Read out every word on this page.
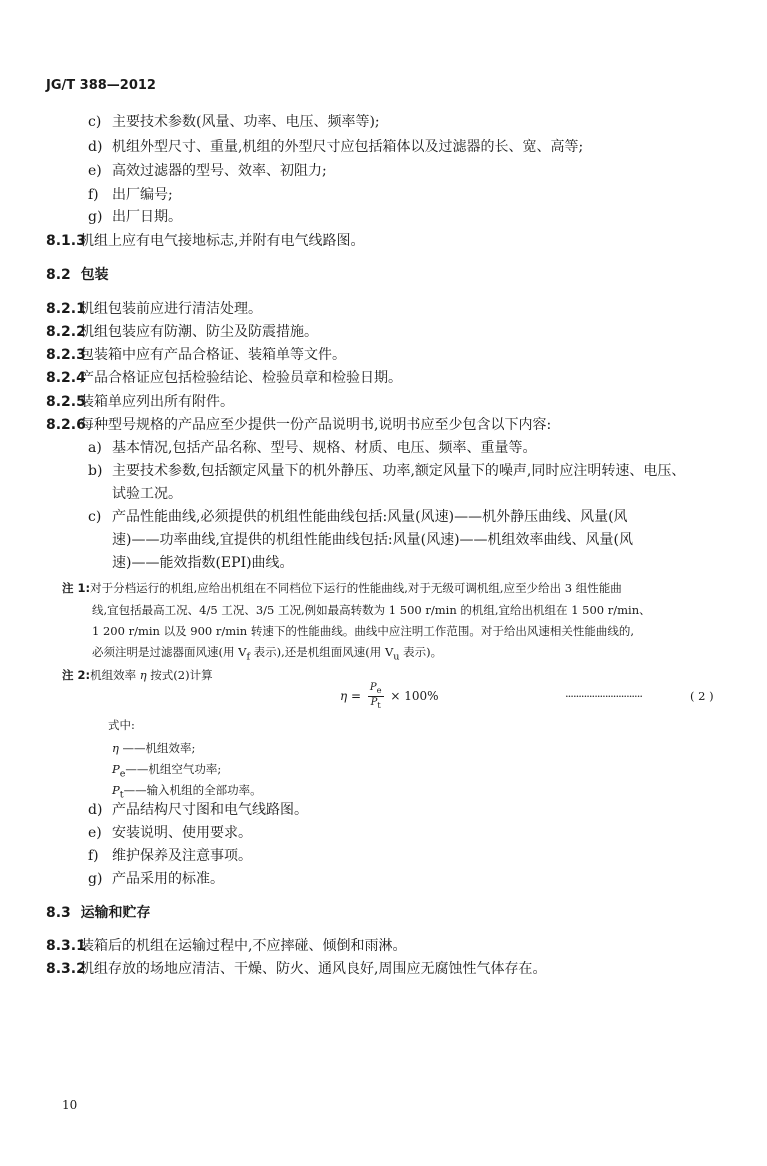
JG/T 388—2012
c) 主要技术参数(风量、功率、电压、频率等);
d) 机组外型尺寸、重量,机组的外型尺寸应包括箱体以及过滤器的长、宽、高等;
e) 高效过滤器的型号、效率、初阻力;
f) 出厂编号;
g) 出厂日期。
8.1.3机组上应有电气接地标志,并附有电气线路图。
8.2 包装
8.2.1机组包装前应进行清洁处理。
8.2.2机组包装应有防潮、防尘及防震措施。
8.2.3包装箱中应有产品合格证、装箱单等文件。
8.2.4产品合格证应包括检验结论、检验员章和检验日期。
8.2.5装箱单应列出所有附件。
8.2.6每种型号规格的产品应至少提供一份产品说明书,说明书应至少包含以下内容:
a) 基本情况,包括产品名称、型号、规格、材质、电压、频率、重量等。
b) 主要技术参数,包括额定风量下的机外静压、功率,额定风量下的噪声,同时应注明转速、电压、
试验工况。
c) 产品性能曲线,必须提供的机组性能曲线包括:风量(风速)——机外静压曲线、风量(风
速)——功率曲线,宜提供的机组性能曲线包括:风量(风速)——机组效率曲线、风量(风
速)——能效指数(EPI)曲线。
注 1:对于分档运行的机组,应给出机组在不同档位下运行的性能曲线,对于无级可调机组,应至少给出 3 组性能曲
线,宜包括最高工况、4/5 工况、3/5 工况,例如最高转数为 1 500 r/min 的机组,宜给出机组在 1 500 r/min、
1 200 r/min 以及 900 r/min 转速下的性能曲线。曲线中应注明工作范围。对于给出风速相关性能曲线的,
必须注明是过滤器面风速(用 $V_f$ 表示),还是机组面风速(用 $V_u$ 表示)。
注 2:机组效率 η 按式(2)计算
$\eta = \frac{P_e}{P_t} \times 100\%$	·····························	( 2 )
式中:
η ——机组效率;
$P_e——$机组空气功率;
$P_t——$输入机组的全部功率。
d) 产品结构尺寸图和电气线路图。
e) 安装说明、使用要求。
f) 维护保养及注意事项。
g) 产品采用的标准。
8.3 运输和贮存
8.3.1装箱后的机组在运输过程中,不应摔碰、倾倒和雨淋。
8.3.2机组存放的场地应清洁、干燥、防火、通风良好,周围应无腐蚀性气体存在。
10
